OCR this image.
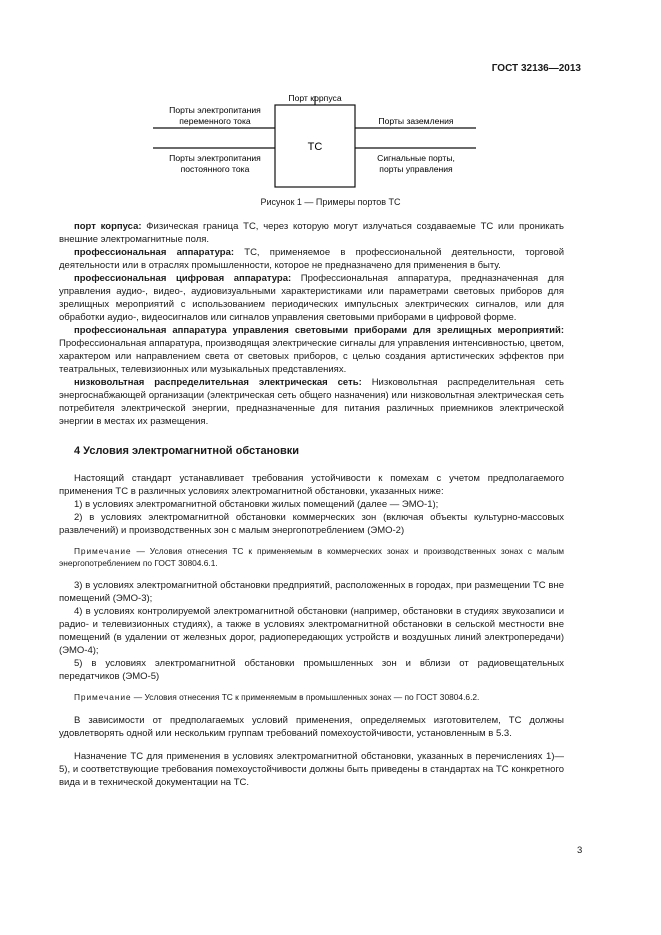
ГОСТ 32136—2013
Порт корпуса
ТС
Порты электропитания
переменного тока
Порты электропитания
постоянного тока
Порты заземления
Сигнальные порты,
порты управления
Рисунок 1 — Примеры портов ТС

порт корпуса: Физическая граница ТС, через которую могут излучаться создаваемые ТС или проникать внешние электромагнитные поля.

профессиональная аппаратура: ТС, применяемое в профессиональной деятельности, торговой деятельности или в отраслях промышленности, которое не предназначено для применения в быту.

профессиональная цифровая аппаратура: Профессиональная аппаратура, предназначенная для управления аудио-, видео-, аудиовизуальными характеристиками или параметрами световых приборов для зрелищных мероприятий с использованием периодических импульсных электрических сигналов, или для обработки аудио-, видеосигналов или сигналов управления световыми приборами в цифровой форме.

профессиональная аппаратура управления световыми приборами для зрелищных мероприятий: Профессиональная аппаратура, производящая электрические сигналы для управления интенсивностью, цветом, характером или направлением света от световых приборов, с целью создания артистических эффектов при театральных, телевизионных или музыкальных представлениях.

низковольтная распределительная электрическая сеть: Низковольтная распределительная сеть энергоснабжающей организации (электрическая сеть общего назначения) или низковольтная электрическая сеть потребителя электрической энергии, предназначенные для питания различных приемников электрической энергии в местах их размещения.

4 Условия электромагнитной обстановки

Настоящий стандарт устанавливает требования устойчивости к помехам с учетом предполагаемого применения ТС в различных условиях электромагнитной обстановки, указанных ниже:

1) в условиях электромагнитной обстановки жилых помещений (далее — ЭМО-1);

2) в условиях электромагнитной обстановки коммерческих зон (включая объекты культурно-массовых развлечений) и производственных зон с малым энергопотреблением (ЭМО-2)

Примечание — Условия отнесения ТС к применяемым в коммерческих зонах и производственных зонах с малым энергопотреблением по ГОСТ 30804.6.1.

3) в условиях электромагнитной обстановки предприятий, расположенных в городах, при размещении ТС вне помещений (ЭМО-3);

4) в условиях контролируемой электромагнитной обстановки (например, обстановки в студиях звукозаписи и радио- и телевизионных студиях), а также в условиях электромагнитной обстановки в сельской местности вне помещений (в удалении от железных дорог, радиопередающих устройств и воздушных линий электропередачи) (ЭМО-4);

5) в условиях электромагнитной обстановки промышленных зон и вблизи от радиовещательных передатчиков (ЭМО-5)

Примечание — Условия отнесения ТС к применяемым в промышленных зонах — по ГОСТ 30804.6.2.

В зависимости от предполагаемых условий применения, определяемых изготовителем, ТС должны удовлетворять одной или нескольким группам требований помехоустойчивости, установленным в 5.3.

Назначение ТС для применения в условиях электромагнитной обстановки, указанных в перечислениях 1)—5), и соответствующие требования помехоустойчивости должны быть приведены в стандартах на ТС конкретного вида и в технической документации на ТС.

3
